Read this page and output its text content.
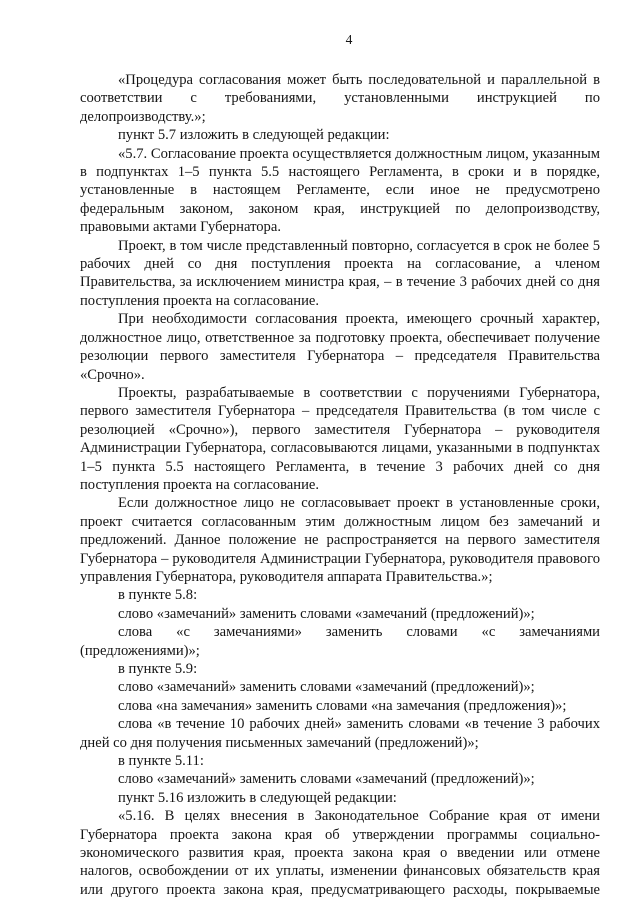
4

«Процедура согласования может быть последовательной и параллельной в соответствии с требованиями, установленными инструкцией по делопроизводству.»;

пункт 5.7 изложить в следующей редакции:

«5.7. Согласование проекта осуществляется должностным лицом, указанным в подпунктах 1–5 пункта 5.5 настоящего Регламента, в сроки и в порядке, установленные в настоящем Регламенте, если иное не предусмотрено федеральным законом, законом края, инструкцией по делопроизводству, правовыми актами Губернатора.

Проект, в том числе представленный повторно, согласуется в срок не более 5 рабочих дней со дня поступления проекта на согласование, а членом Правительства, за исключением министра края, – в течение 3 рабочих дней со дня поступления проекта на согласование.

При необходимости согласования проекта, имеющего срочный характер, должностное лицо, ответственное за подготовку проекта, обеспечивает получение резолюции первого заместителя Губернатора – председателя Правительства «Срочно».

Проекты, разрабатываемые в соответствии с поручениями Губернатора, первого заместителя Губернатора – председателя Правительства (в том числе с резолюцией «Срочно»), первого заместителя Губернатора – руководителя Администрации Губернатора, согласовываются лицами, указанными в подпунктах 1–5 пункта 5.5 настоящего Регламента, в течение 3 рабочих дней со дня поступления проекта на согласование.

Если должностное лицо не согласовывает проект в установленные сроки, проект считается согласованным этим должностным лицом без замечаний и предложений. Данное положение не распространяется на первого заместителя Губернатора – руководителя Администрации Губернатора, руководителя правового управления Губернатора, руководителя аппарата Правительства.»;

в пункте 5.8:

слово «замечаний» заменить словами «замечаний (предложений)»;

слова «с замечаниями» заменить словами «с замечаниями (предложениями)»;

в пункте 5.9:

слово «замечаний» заменить словами «замечаний (предложений)»;

слова «на замечания» заменить словами «на замечания (предложения)»;

слова «в течение 10 рабочих дней» заменить словами «в течение 3 рабочих дней со дня получения письменных замечаний (предложений)»;

в пункте 5.11:

слово «замечаний» заменить словами «замечаний (предложений)»;

пункт 5.16 изложить в следующей редакции:

«5.16. В целях внесения в Законодательное Собрание края от имени Губернатора проекта закона края об утверждении программы социально-экономического развития края, проекта закона края о введении или отмене налогов, освобождении от их уплаты, изменении финансовых обязательств края или другого проекта закона края, предусматривающего расходы, покрываемые
